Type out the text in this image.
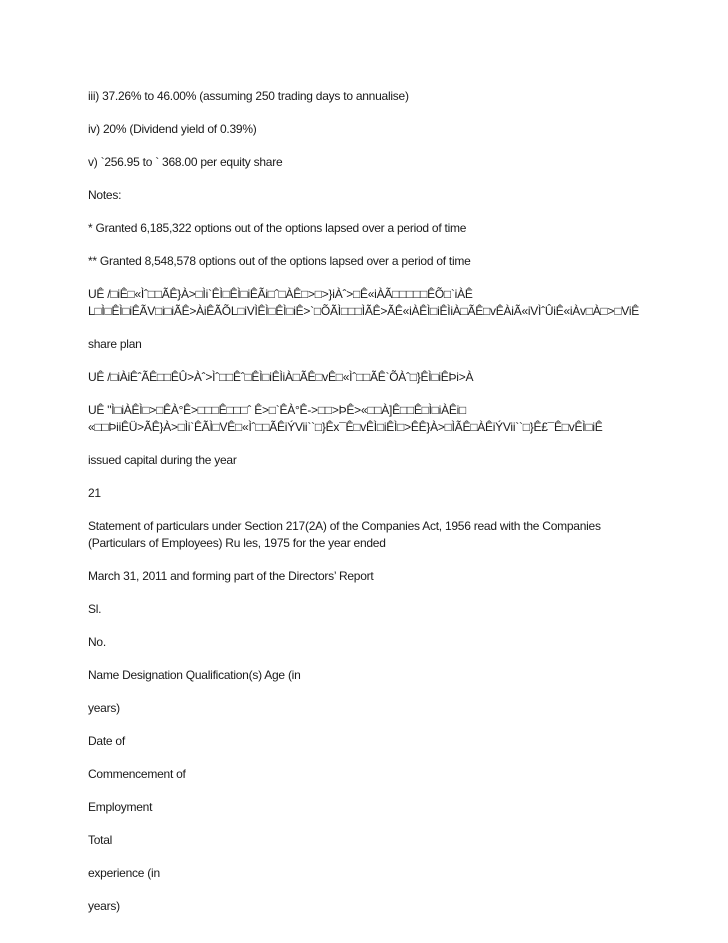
iii) 37.26% to 46.00% (assuming 250 trading days to annualise)
iv) 20% (Dividend yield of 0.39%)
v) `256.95 to ` 368.00 per equity share
Notes:
* Granted 6,185,322 options out of the options lapsed over a period of time
** Granted 8,548,578 options out of the options lapsed over a period of time
UÊ /□iÊ□«Ìˆ□□ÃÊ}À>□Ìi`ÊÌ□ÊÌ□iÊÃi□ˆ□ÀÊ□>□>}iÀˆ>□Ê«iÀÃ□□□□□ÊÕ□`iÀÊ
L□Ì□ÊÌ□iÊÃV□i□iÃÊ>ÀiÊÃÕL□iVÌÊÌ□ÊÌ□iÊ>`□ÕÃÌ□□□ÌÃÊ>ÃÊ«iÀÊÌ□iÊÌiÀ□ÃÊ□vÊÀiÃ«iVÌˆÛiÊ«iÀv□À□>□ViÊ
share plan
UÊ /□iÀiÊˆÃÊ□□ÊÛ>Àˆ>Ìˆ□□Êˆ□ÊÌ□iÊÌiÀ□ÃÊ□vÊ□«Ìˆ□□ÃÊ`ÕÀˆ□}ÊÌ□iÊÞi>À
UÊ "Ì□iÀÊÌ□>□ÊÀ°Ê>□□□Ê□□□ˆ Ê>□`ÊÀ°Ê->□□>ÞÊ>«□□À]Ê□□Ê□Ì□iÀÊi□
«□□ÞiiÊÜ>ÃÊ}À>□Ìi`ÊÃÌ□VÊ□«Ìˆ□□ÃÊiÝVii``□}Êx¯Ê□vÊÌ□iÊÌ□>ÊÊ}À>□ÌÃÊ□ÀÊiÝVii``□}Ê£¯Ê□vÊÌ□iÊ
issued capital during the year
21
Statement of particulars under Section 217(2A) of the Companies Act, 1956 read with the Companies
(Particulars of Employees) Ru les, 1975 for the year ended
March 31, 2011 and forming part of the Directors’ Report
Sl.
No.
Name Designation Qualification(s) Age (in
years)
Date of
Commencement of
Employment
Total
experience (in
years)
